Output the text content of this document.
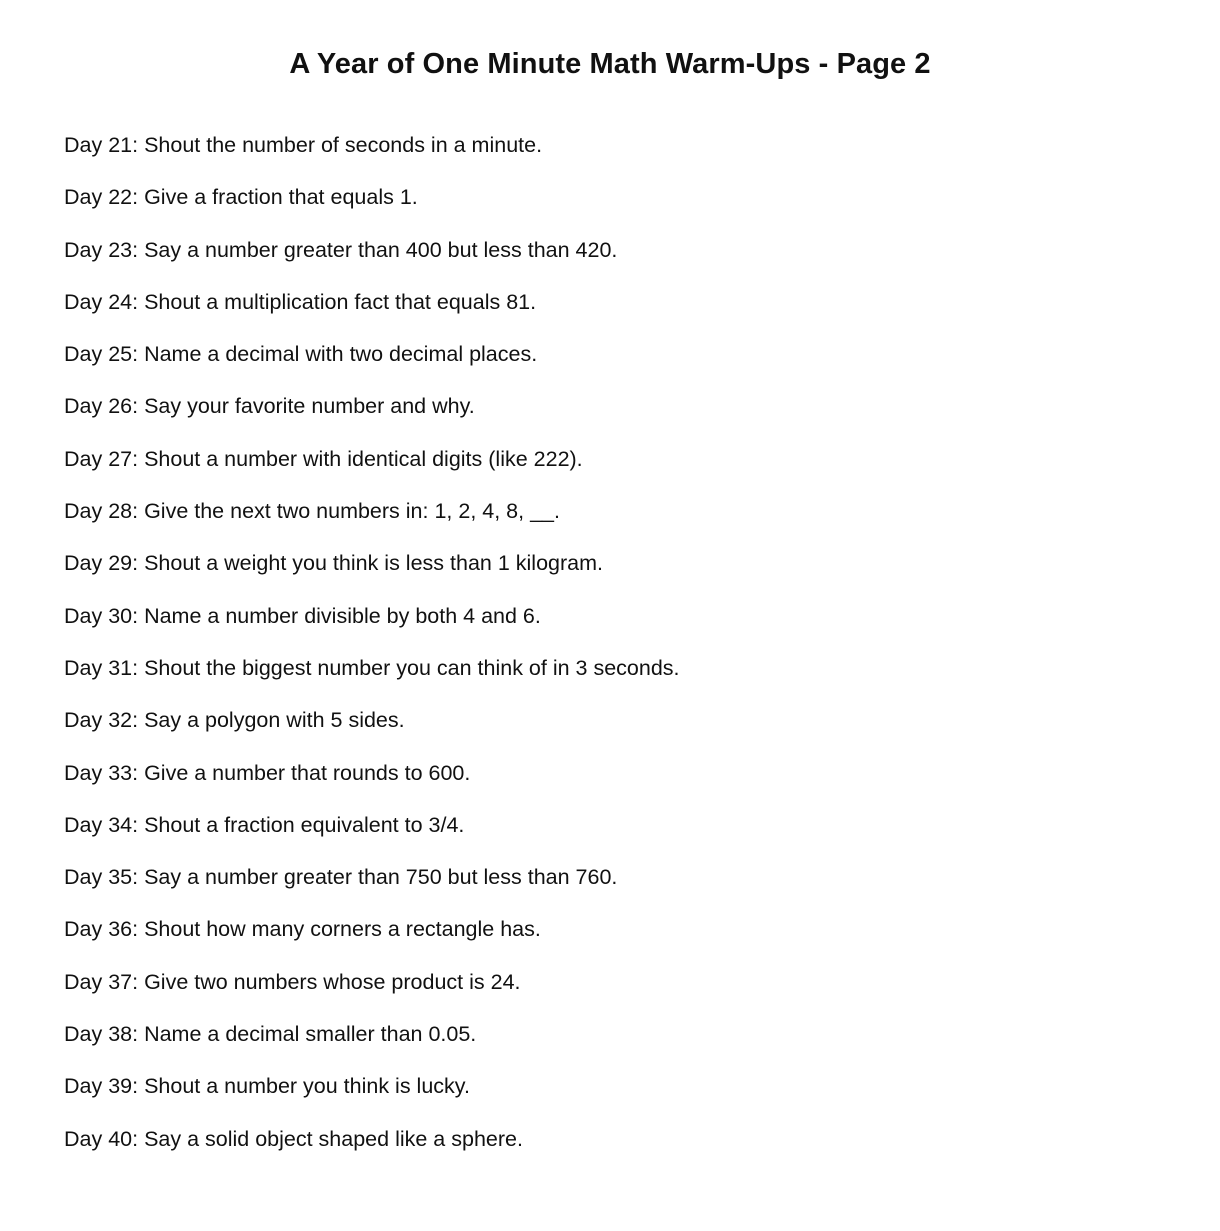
A Year of One Minute Math Warm-Ups - Page 2
Day 21: Shout the number of seconds in a minute.
Day 22: Give a fraction that equals 1.
Day 23: Say a number greater than 400 but less than 420.
Day 24: Shout a multiplication fact that equals 81.
Day 25: Name a decimal with two decimal places.
Day 26: Say your favorite number and why.
Day 27: Shout a number with identical digits (like 222).
Day 28: Give the next two numbers in: 1, 2, 4, 8, __.
Day 29: Shout a weight you think is less than 1 kilogram.
Day 30: Name a number divisible by both 4 and 6.
Day 31: Shout the biggest number you can think of in 3 seconds.
Day 32: Say a polygon with 5 sides.
Day 33: Give a number that rounds to 600.
Day 34: Shout a fraction equivalent to 3/4.
Day 35: Say a number greater than 750 but less than 760.
Day 36: Shout how many corners a rectangle has.
Day 37: Give two numbers whose product is 24.
Day 38: Name a decimal smaller than 0.05.
Day 39: Shout a number you think is lucky.
Day 40: Say a solid object shaped like a sphere.
